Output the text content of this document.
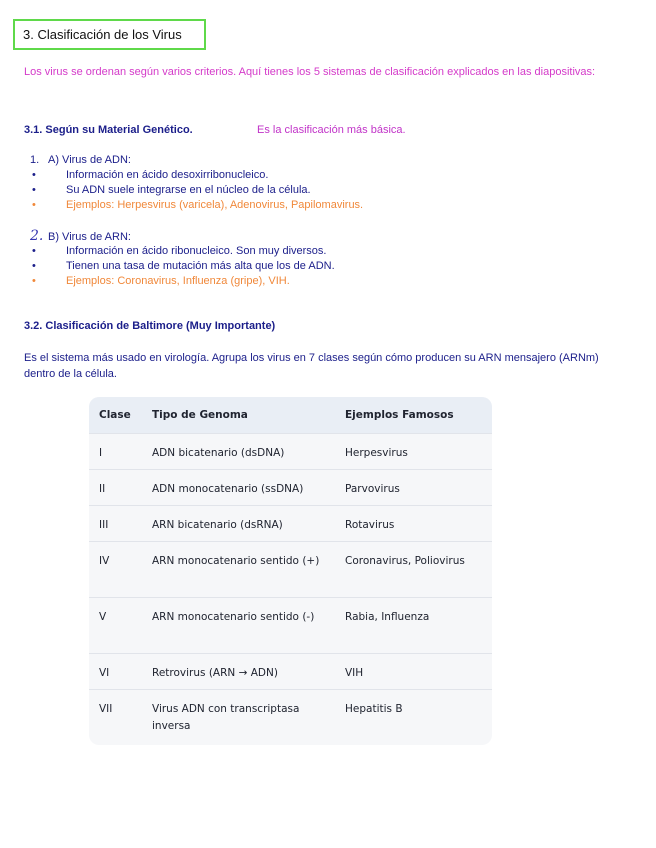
3. Clasificación de los Virus
Los virus se ordenan según varios criterios. Aquí tienes los 5 sistemas de clasificación explicados en las diapositivas:
3.1. Según su Material Genético.	Es la clasificación más básica.
1. A) Virus de ADN:
•	Información en ácido desoxirribonucleico.
•	Su ADN suele integrarse en el núcleo de la célula.
•	Ejemplos: Herpesvirus (varicela), Adenovirus, Papilomavirus.
2. B) Virus de ARN:
•	Información en ácido ribonucleico. Son muy diversos.
•	Tienen una tasa de mutación más alta que los de ADN.
•	Ejemplos: Coronavirus, Influenza (gripe), VIH.
3.2. Clasificación de Baltimore (Muy Importante)
Es el sistema más usado en virología. Agrupa los virus en 7 clases según cómo producen su ARN mensajero (ARNm) dentro de la célula.
Clase	Tipo de Genoma	Ejemplos Famosos
I	ADN bicatenario (dsDNA)	Herpesvirus
II	ADN monocatenario (ssDNA)	Parvovirus
III	ARN bicatenario (dsRNA)	Rotavirus
IV	ARN monocatenario sentido (+)	Coronavirus, Poliovirus
V	ARN monocatenario sentido (-)	Rabia, Influenza
VI	Retrovirus (ARN → ADN)	VIH
VII	Virus ADN con transcriptasa inversa	Hepatitis B
